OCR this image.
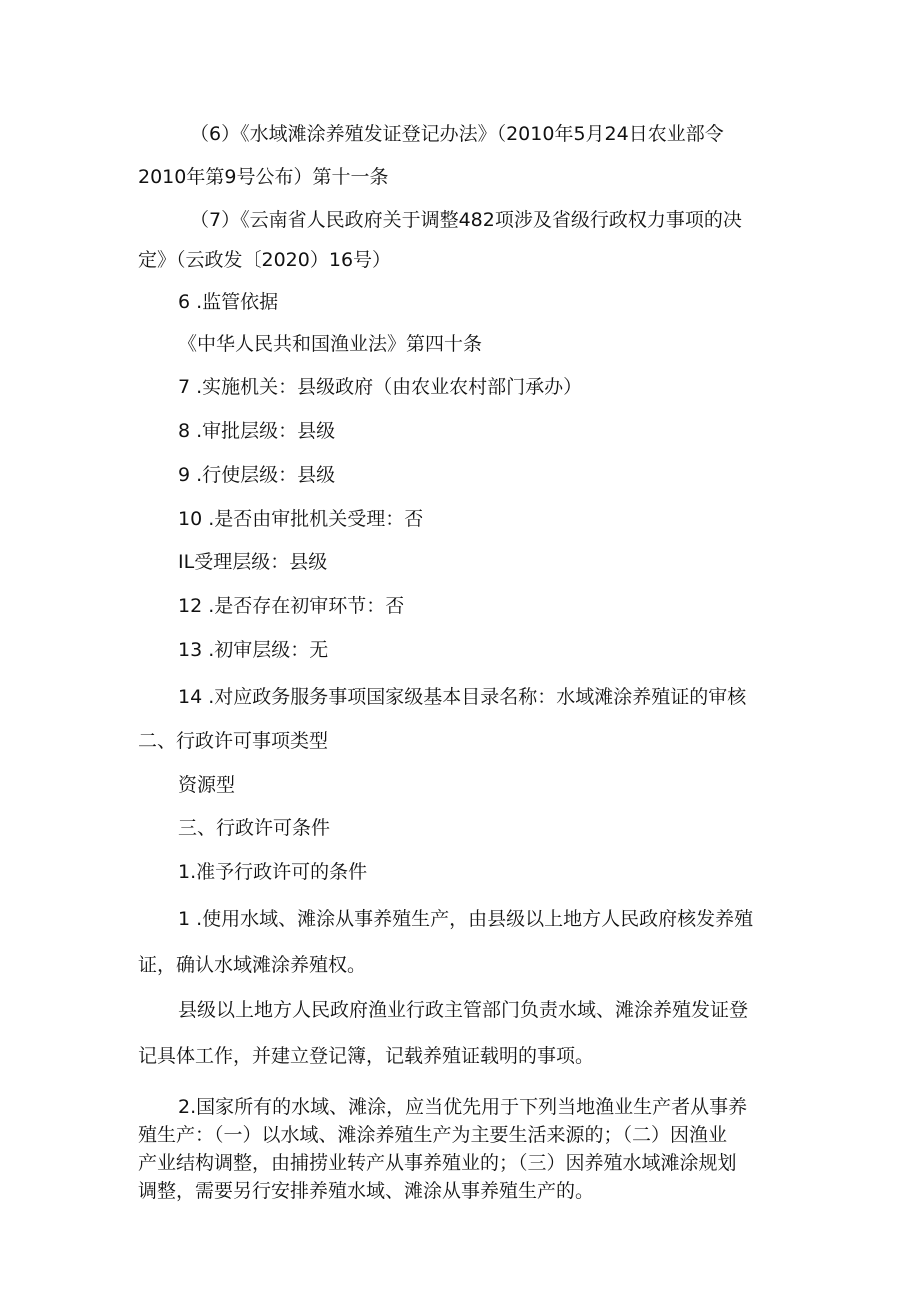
（6）《水域滩涂养殖发证登记办法》（2010年5月24日农业部令

2010年第9号公布）第十一条

（7）《云南省人民政府关于调整482项涉及省级行政权力事项的决

定》（云政发〔2020）16号）

6 .监管依据

《中华人民共和国渔业法》第四十条

7 .实施机关：县级政府（由农业农村部门承办）

8 .审批层级：县级

9 .行使层级：县级

10 .是否由审批机关受理：否

IL受理层级：县级

12 .是否存在初审环节：否

13 .初审层级：无

14 .对应政务服务事项国家级基本目录名称：水域滩涂养殖证的审核

二、行政许可事项类型

资源型

三、行政许可条件

1.准予行政许可的条件

1 .使用水域、滩涂从事养殖生产，由县级以上地方人民政府核发养殖

证，确认水域滩涂养殖权。

县级以上地方人民政府渔业行政主管部门负责水域、滩涂养殖发证登

记具体工作，并建立登记簿，记载养殖证载明的事项。

2.国家所有的水域、滩涂，应当优先用于下列当地渔业生产者从事养

殖生产：（一）以水域、滩涂养殖生产为主要生活来源的；（二）因渔业

产业结构调整，由捕捞业转产从事养殖业的；（三）因养殖水域滩涂规划

调整，需要另行安排养殖水域、滩涂从事养殖生产的。
